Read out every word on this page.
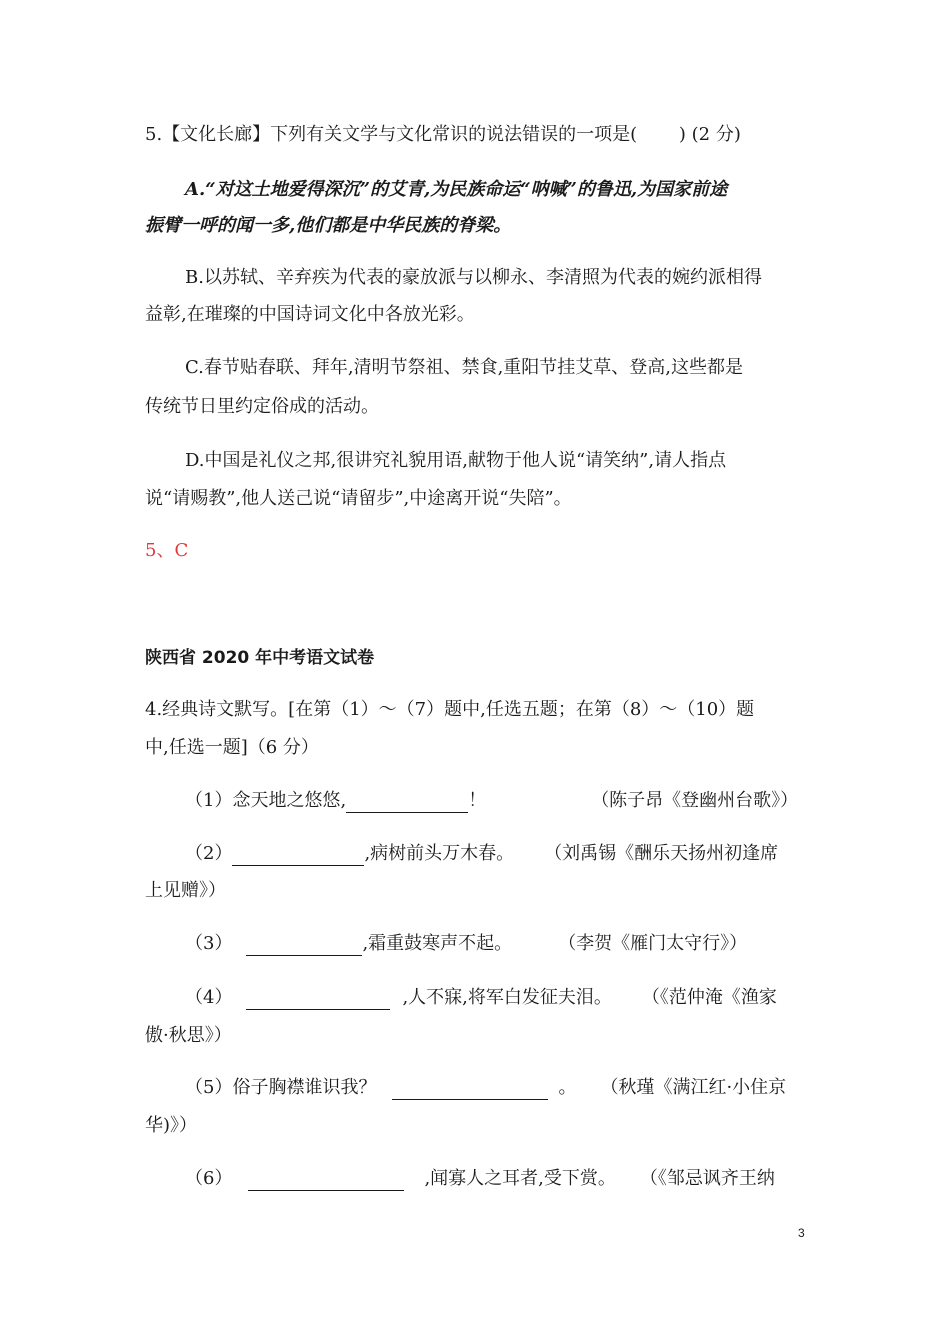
5.【文化长廊】下列有关文学与文化常识的说法错误的一项是(　　 ) (2 分)
A.“对这土地爱得深沉”的艾青,为民族命运“呐喊”的鲁迅,为国家前途
振臂一呼的闻一多,他们都是中华民族的脊梁。
B.以苏轼、辛弃疾为代表的豪放派与以柳永、李清照为代表的婉约派相得
益彰,在璀璨的中国诗词文化中各放光彩。
C.春节贴春联、拜年,清明节祭祖、禁食,重阳节挂艾草、登高,这些都是
传统节日里约定俗成的活动。
D.中国是礼仪之邦,很讲究礼貌用语,献物于他人说“请笑纳”,请人指点
说“请赐教”,他人送己说“请留步”,中途离开说“失陪”。
5、C
陕西省 2020 年中考语文试卷
4.经典诗文默写。[在第（1）～（7）题中,任选五题；在第（8）～（10）题
中,任选一题]（6 分）
（1）念天地之悠悠,	！	（陈子昂《登幽州台歌》）
（2）	,病树前头万木春。 （刘禹锡《酬乐天扬州初逢席
上见赠》）
（3）	,霜重鼓寒声不起。	（李贺《雁门太守行》）
（4）	,人不寐,将军白发征夫泪。 （《范仲淹《渔家
傲·秋思》）
（5）俗子胸襟谁识我？	。 （秋瑾《满江红·小住京
华)》）
（6）	,闻寡人之耳者,受下赏。 （《邹忌讽齐王纳
3
